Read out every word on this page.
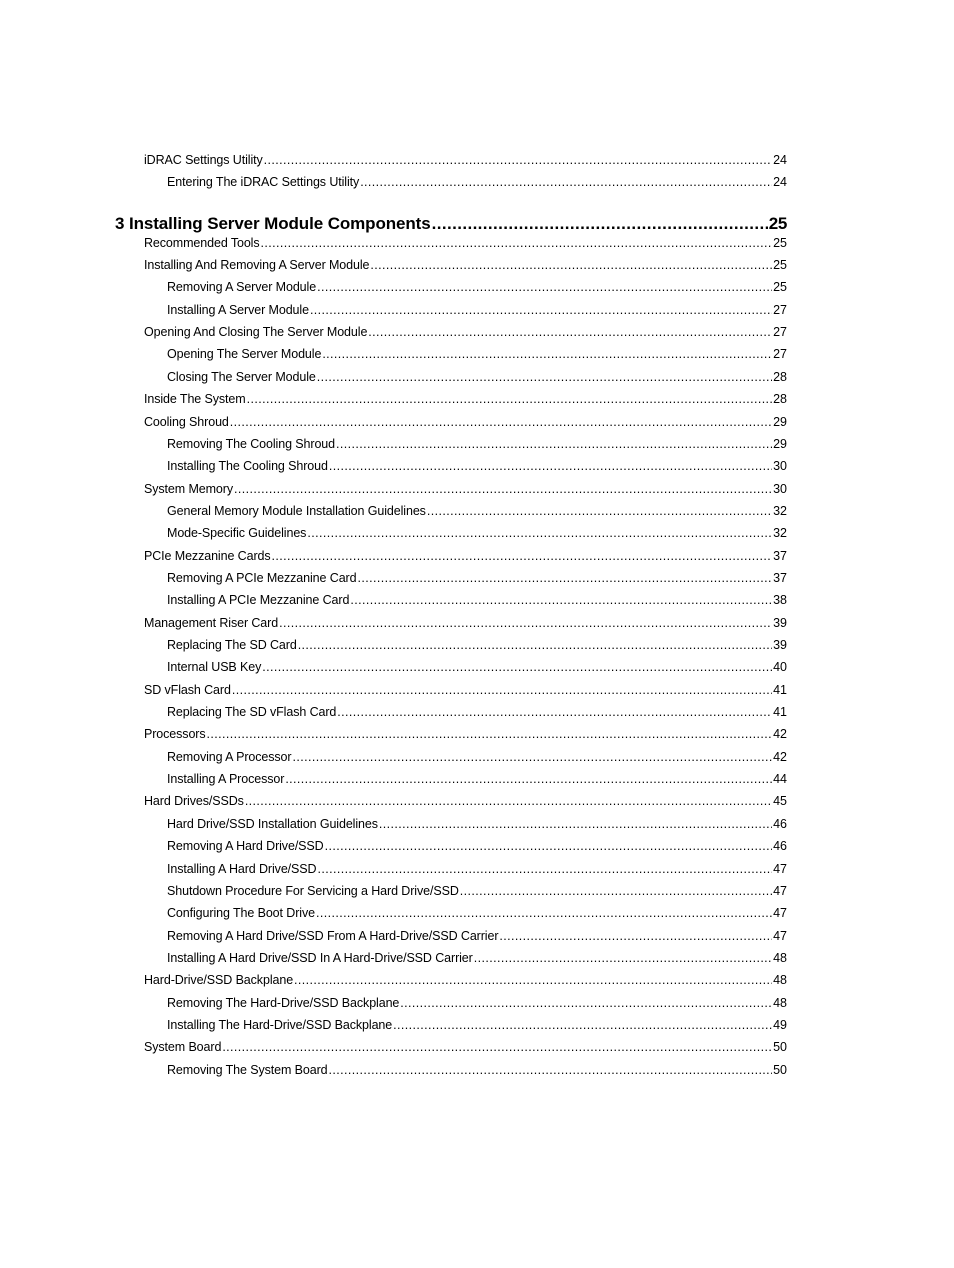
iDRAC Settings Utility .....	24
Entering The iDRAC Settings Utility .....	24
3 Installing Server Module Components .....	25
Recommended Tools .....	25
Installing And Removing A Server Module .....	25
Removing A Server Module .....	25
Installing A Server Module .....	27
Opening And Closing The Server Module .....	27
Opening The Server Module .....	27
Closing The Server Module .....	28
Inside The System .....	28
Cooling Shroud .....	29
Removing The Cooling Shroud .....	29
Installing The Cooling Shroud .....	30
System Memory .....	30
General Memory Module Installation Guidelines .....	32
Mode-Specific Guidelines .....	32
PCIe Mezzanine Cards .....	37
Removing A PCIe Mezzanine Card .....	37
Installing A PCIe Mezzanine Card .....	38
Management Riser Card .....	39
Replacing The SD Card .....	39
Internal USB Key .....	40
SD vFlash Card .....	41
Replacing The SD vFlash Card .....	41
Processors .....	42
Removing A Processor .....	42
Installing A Processor .....	44
Hard Drives/SSDs .....	45
Hard Drive/SSD Installation Guidelines .....	46
Removing A Hard Drive/SSD .....	46
Installing A Hard Drive/SSD .....	47
Shutdown Procedure For Servicing a Hard Drive/SSD .....	47
Configuring The Boot Drive .....	47
Removing A Hard Drive/SSD From A Hard-Drive/SSD Carrier .....	47
Installing A Hard Drive/SSD In A Hard-Drive/SSD Carrier .....	48
Hard-Drive/SSD Backplane .....	48
Removing The Hard-Drive/SSD Backplane .....	48
Installing The Hard-Drive/SSD Backplane .....	49
System Board .....	50
Removing The System Board .....	50
